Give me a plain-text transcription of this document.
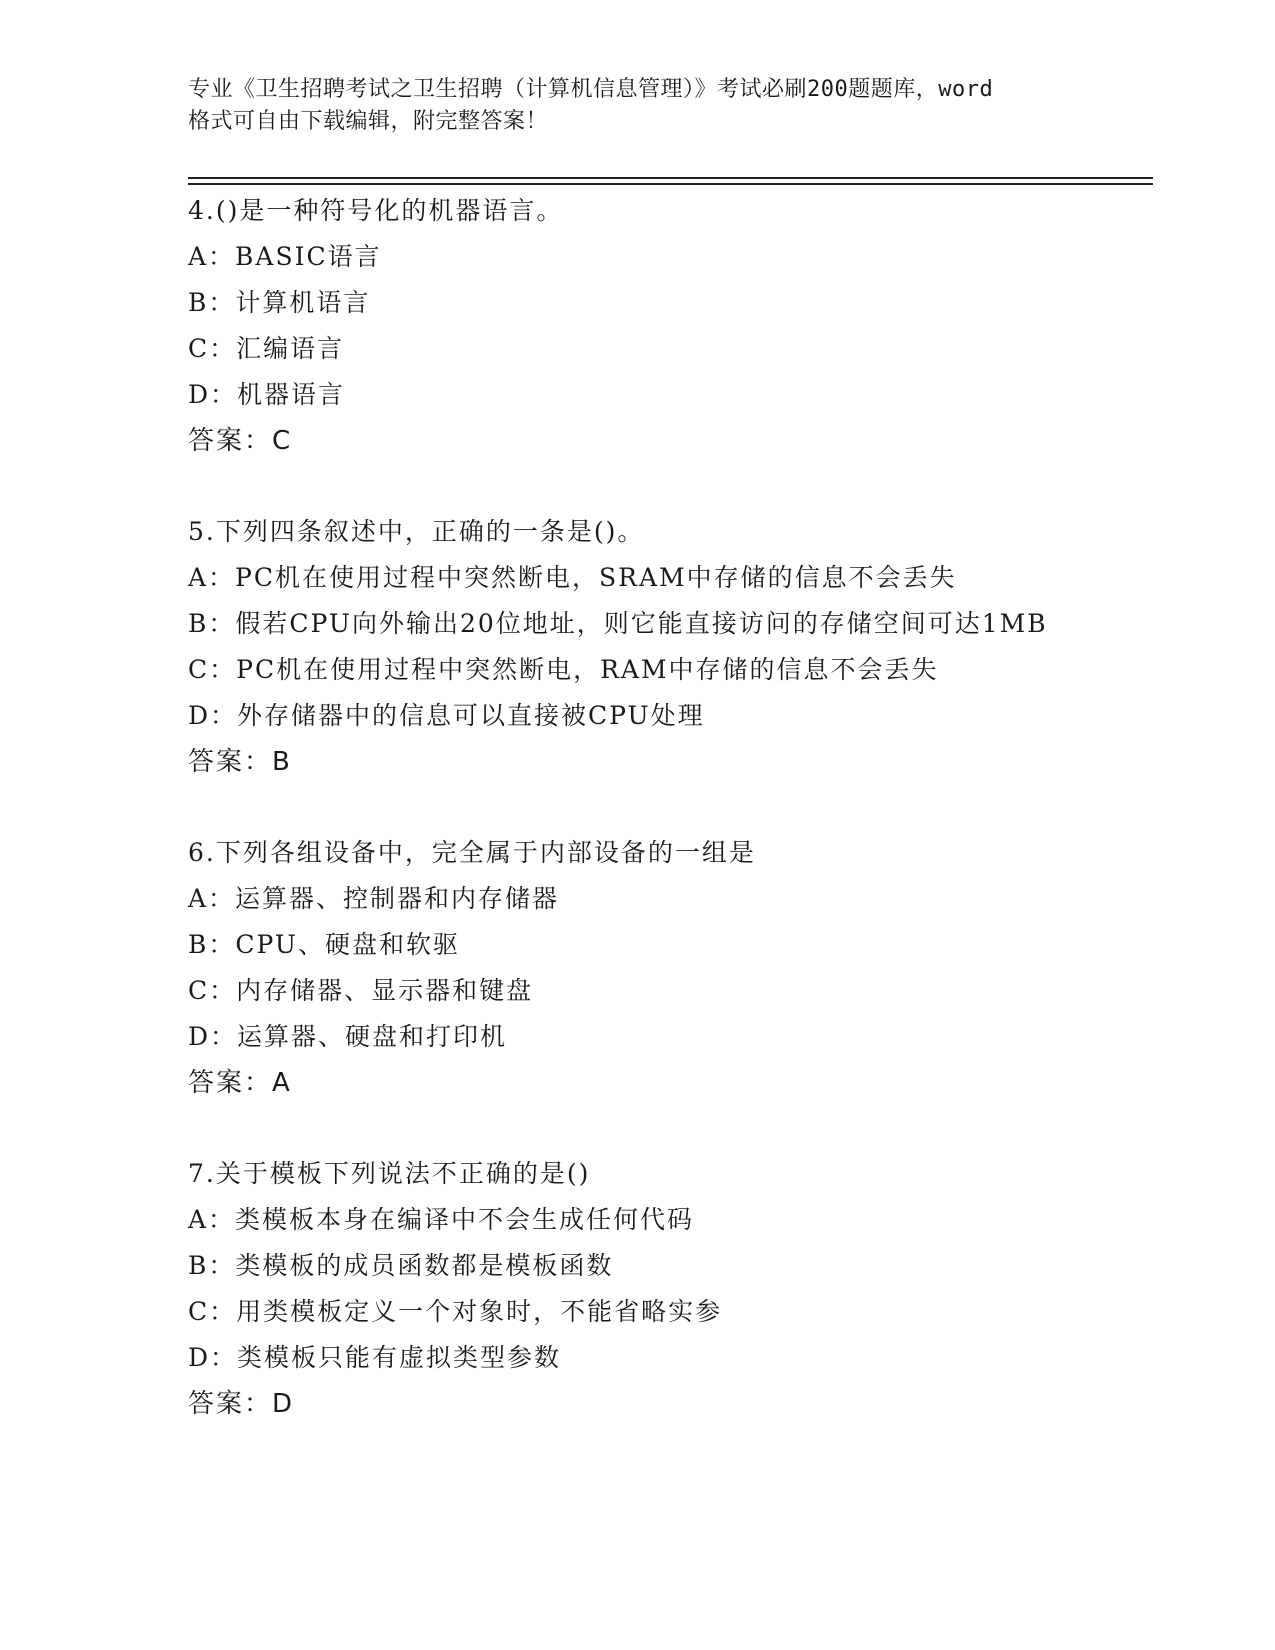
专业《卫生招聘考试之卫生招聘（计算机信息管理）》考试必刷200题题库，word
格式可自由下载编辑，附完整答案！
4.()是一种符号化的机器语言。
A：BASIC语言
B：计算机语言
C：汇编语言
D：机器语言
答案：C
5.下列四条叙述中，正确的一条是()。
A：PC机在使用过程中突然断电，SRAM中存储的信息不会丢失
B：假若CPU向外输出20位地址，则它能直接访问的存储空间可达1MB
C：PC机在使用过程中突然断电，RAM中存储的信息不会丢失
D：外存储器中的信息可以直接被CPU处理
答案：B
6.下列各组设备中，完全属于内部设备的一组是
A：运算器、控制器和内存储器
B：CPU、硬盘和软驱
C：内存储器、显示器和键盘
D：运算器、硬盘和打印机
答案：A
7.关于模板下列说法不正确的是()
A：类模板本身在编译中不会生成任何代码
B：类模板的成员函数都是模板函数
C：用类模板定义一个对象时，不能省略实参
D：类模板只能有虚拟类型参数
答案：D
